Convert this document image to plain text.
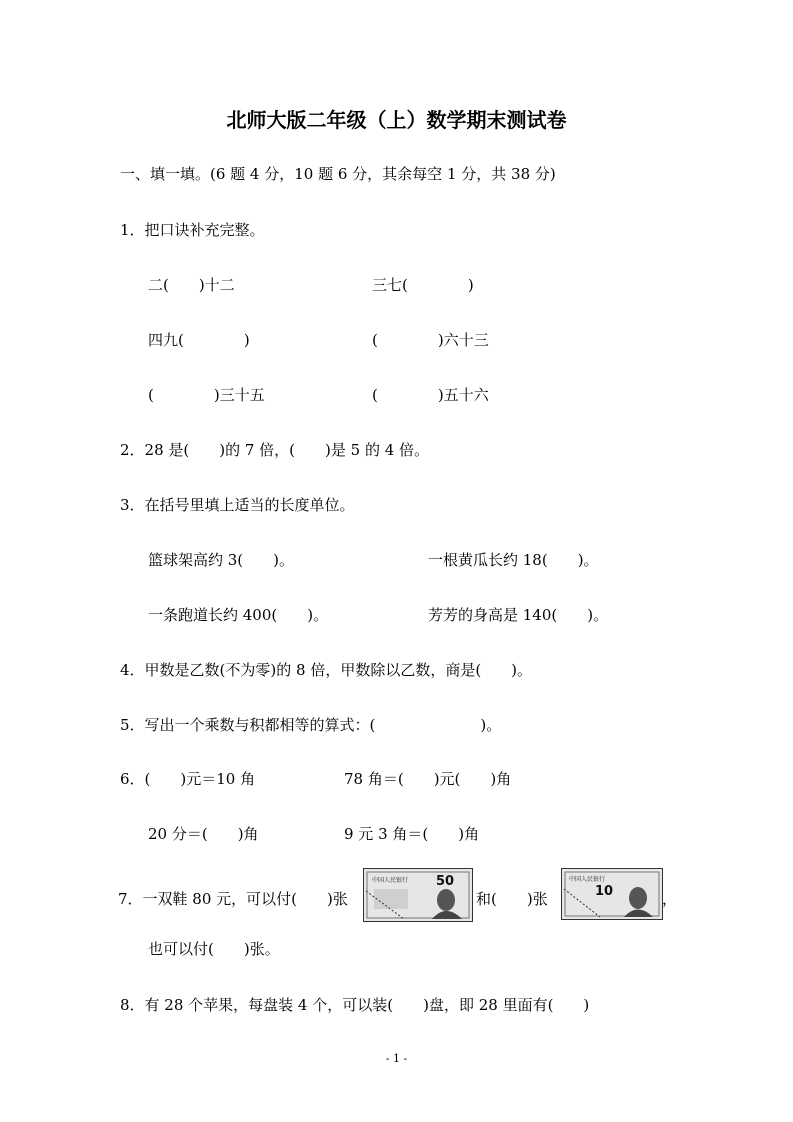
北师大版二年级（上）数学期末测试卷
一、填一填。(6 题 4 分，10 题 6 分，其余每空 1 分，共 38 分)
1．把口诀补充完整。
二(　　)十二	三七(　　　　)
四九(　　　　)	(　　　　)六十三
(　　　　)三十五	(　　　　)五十六
2．28 是(　　)的 7 倍，(　　)是 5 的 4 倍。
3．在括号里填上适当的长度单位。
篮球架高约 3(　　)。	一根黄瓜长约 18(　　)。
一条跑道长约 400(　　)。	芳芳的身高是 140(　　)。
4．甲数是乙数(不为零)的 8 倍，甲数除以乙数，商是(　　)。
5．写出一个乘数与积都相等的算式：(　　　　　　　)。
6．(　　)元＝10 角	78 角＝(　　)元(　　)角
20 分＝(　　)角	9 元 3 角＝(　　)角
7．一双鞋 80 元，可以付(　　)张
中国人民银行 50
和(　　)张
中国人民银行
10	，
也可以付(　　)张。
8．有 28 个苹果，每盘装 4 个，可以装(　　)盘，即 28 里面有(　　)
- 1 -
